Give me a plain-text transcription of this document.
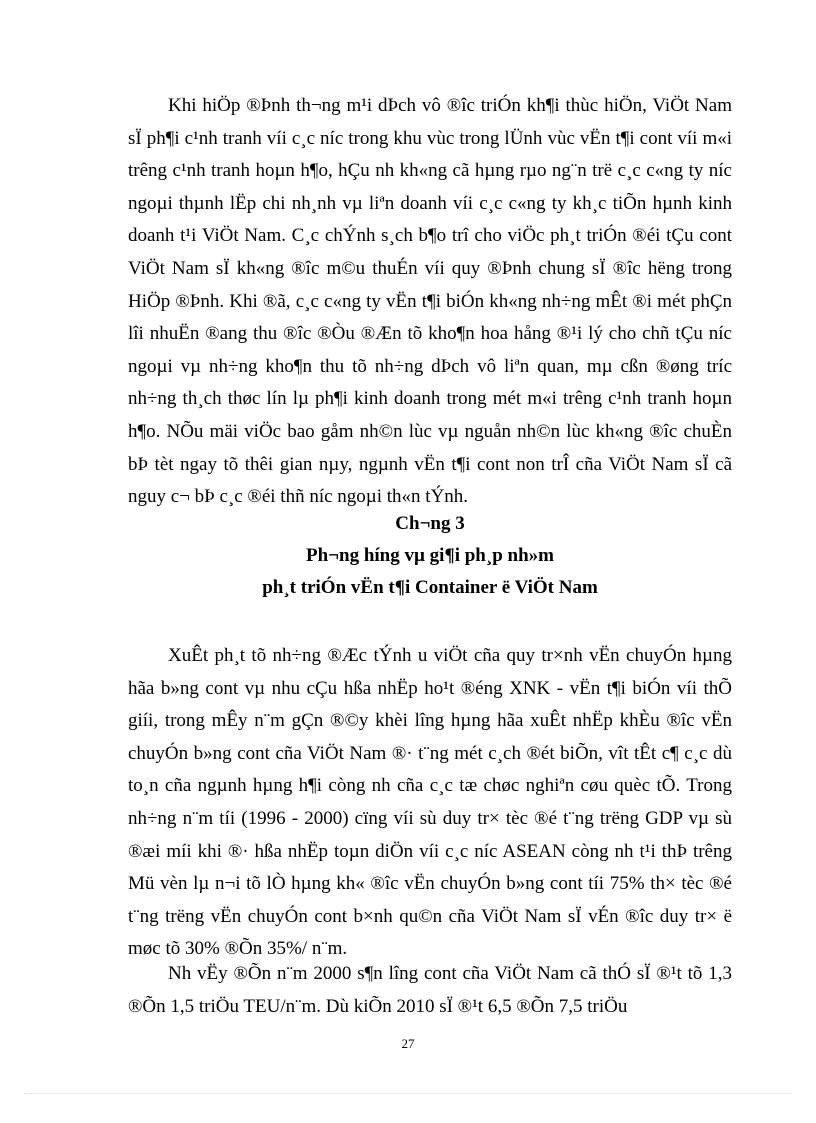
Khi hiÖp ®Þnh th¬ng m¹i dÞch vô ®îc triÓn kh¶i thùc hiÖn, ViÖt Nam sÏ ph¶i c¹nh tranh víi c¸c níc trong khu vùc trong lÜnh vùc vËn t¶i cont víi m«i trêng c¹nh tranh hoµn h¶o, hÇu nh kh«ng cã hµng rµo ng¨n trë c¸c c«ng ty níc ngoµi thµnh lËp chi nh¸nh vµ liªn doanh víi c¸c c«ng ty kh¸c tiÕn hµnh kinh doanh t¹i ViÖt Nam. C¸c chÝnh s¸ch b¶o trî cho viÖc ph¸t triÓn ®éi tÇu cont ViÖt Nam sÏ kh«ng ®îc m©u thuÉn víi quy ®Þnh chung sÏ ®îc hëng trong HiÖp ®Þnh. Khi ®ã, c¸c c«ng ty vËn t¶i biÓn kh«ng nh÷ng mÊt ®i mét phÇn lîi nhuËn ®ang thu ®îc ®Òu ®Æn tõ kho¶n hoa hång ®¹i lý cho chñ tÇu níc ngoµi vµ nh÷ng kho¶n thu tõ nh÷ng dÞch vô liªn quan, mµ cßn ®øng tríc nh÷ng th¸ch thøc lín lµ ph¶i kinh doanh trong mét m«i trêng c¹nh tranh hoµn h¶o. NÕu mäi viÖc bao gåm nh©n lùc vµ nguån nh©n lùc kh«ng ®îc chuÈn bÞ tèt ngay tõ thêi gian nµy, ngµnh vËn t¶i cont non trÎ cña ViÖt Nam sÏ cã nguy c¬ bÞ c¸c ®éi thñ níc ngoµi th«n tÝnh.

Ch¬ng 3

Ph¬ng híng vµ gi¶i ph¸p nh»m

ph¸t triÓn vËn t¶i Container ë ViÖt Nam

XuÊt ph¸t tõ nh÷ng ®Æc tÝnh u viÖt cña quy tr×nh vËn chuyÓn hµng hãa b»ng cont vµ nhu cÇu hßa nhËp ho¹t ®éng XNK - vËn t¶i biÓn víi thÕ giíi, trong mÊy n¨m gÇn ®©y khèi lîng hµng hãa xuÊt nhËp khÈu ®îc vËn chuyÓn b»ng cont cña ViÖt Nam ®· t¨ng mét c¸ch ®ét biÕn, vît tÊt c¶ c¸c dù to¸n cña ngµnh hµng h¶i còng nh cña c¸c tæ chøc nghiªn cøu quèc tÕ. Trong nh÷ng n¨m tíi (1996 - 2000) cïng víi sù duy tr× tèc ®é t¨ng trëng GDP vµ sù ®æi míi khi ®· hßa nhËp toµn diÖn víi c¸c níc ASEAN còng nh t¹i thÞ trêng Mü vèn lµ n¬i tõ lÒ hµng kh« ®îc vËn chuyÓn b»ng cont tíi 75% th× tèc ®é t¨ng trëng vËn chuyÓn cont b×nh qu©n cña ViÖt Nam sÏ vÉn ®îc duy tr× ë møc tõ 30% ®Õn 35%/ n¨m.

Nh vËy ®Õn n¨m 2000 s¶n lîng cont cña ViÖt Nam cã thÓ sÏ ®¹t tõ 1,3 ®Õn 1,5 triÖu TEU/n¨m. Dù kiÕn 2010 sÏ ®¹t 6,5 ®Õn 7,5 triÖu

27
